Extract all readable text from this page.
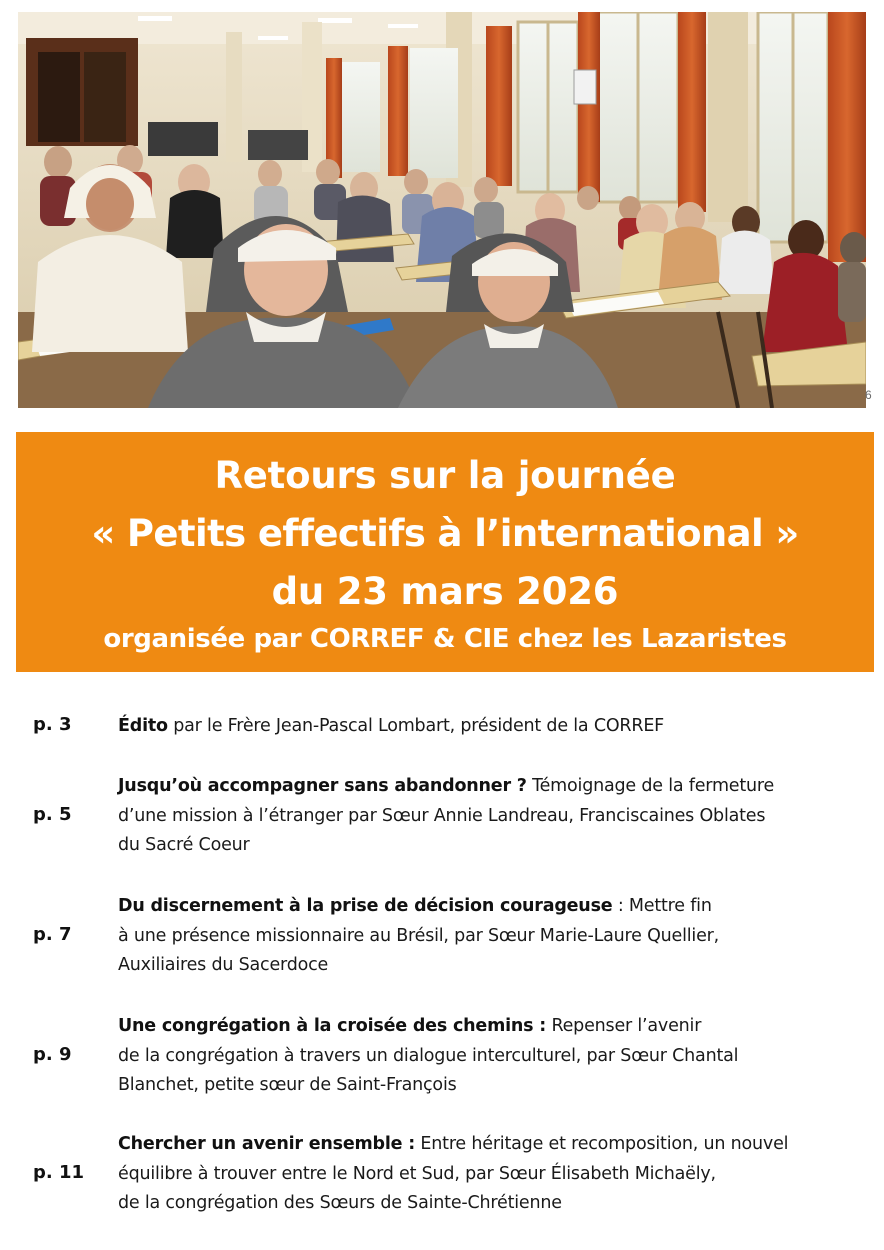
6
Retours sur la journée
« Petits effectifs à l’international »
du 23 mars 2026
organisée par CORREF & CIE chez les Lazaristes
p. 3	Édito par le Frère Jean-Pascal Lombart, président de la CORREF
p. 5
Jusqu’où accompagner sans abandonner ? Témoignage de la fermeture
d’une mission à l’étranger par Sœur Annie Landreau, Franciscaines Oblates
du Sacré Coeur
p. 7
Du discernement à la prise de décision courageuse : Mettre fin
à une présence missionnaire au Brésil, par Sœur Marie-Laure Quellier,
Auxiliaires du Sacerdoce
p. 9
Une congrégation à la croisée des chemins : Repenser l’avenir
de la congrégation à travers un dialogue interculturel, par Sœur Chantal
Blanchet, petite sœur de Saint-François
p. 11
Chercher un avenir ensemble : Entre héritage et recomposition, un nouvel
équilibre à trouver entre le Nord et Sud, par Sœur Élisabeth Michaëly,
de la congrégation des Sœurs de Sainte-Chrétienne
